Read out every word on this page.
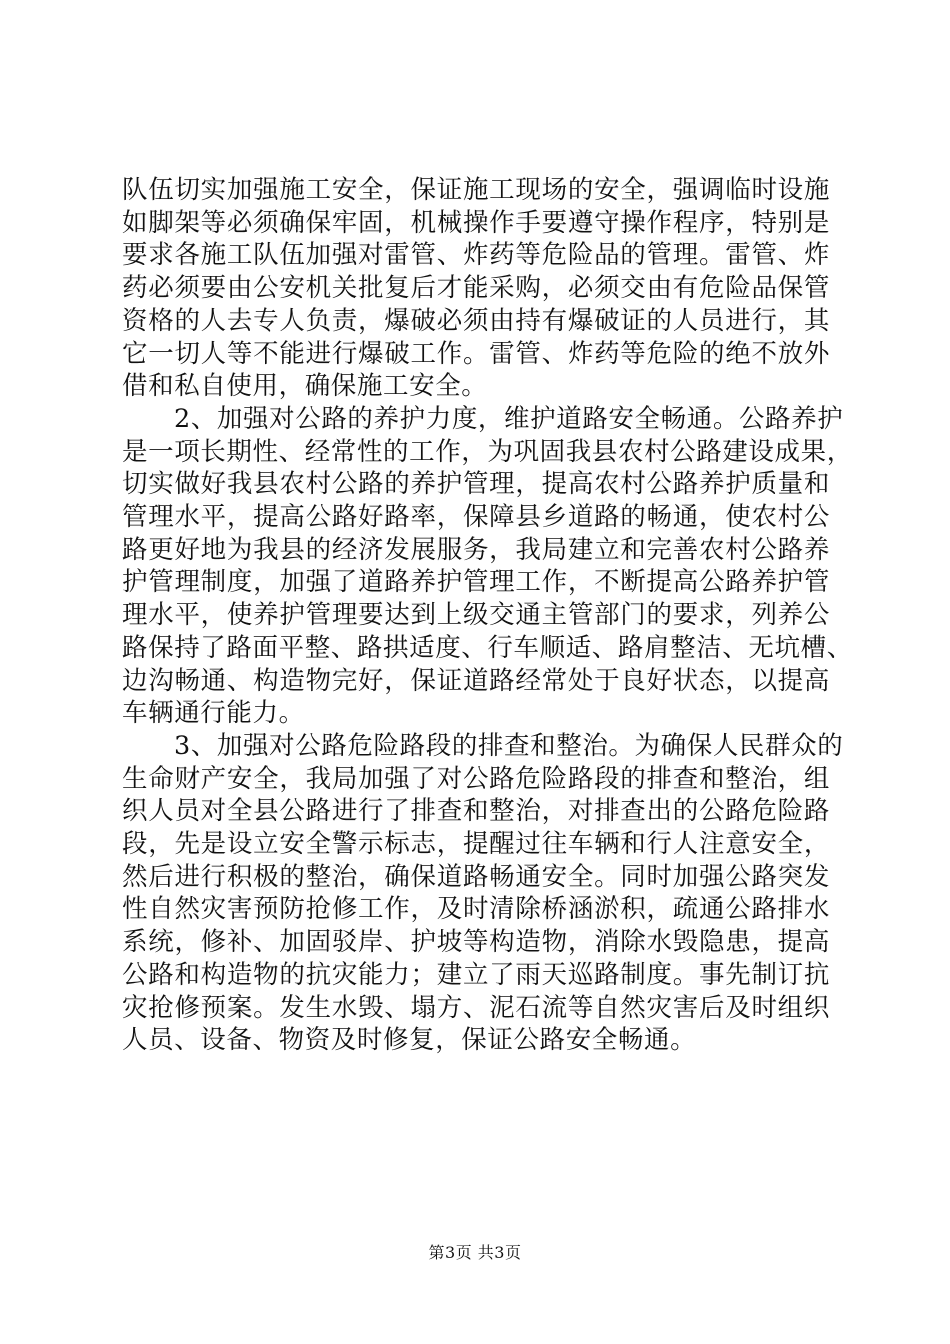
队伍切实加强施工安全，保证施工现场的安全，强调临时设施
如脚架等必须确保牢固，机械操作手要遵守操作程序，特别是
要求各施工队伍加强对雷管、炸药等危险品的管理。雷管、炸
药必须要由公安机关批复后才能采购，必须交由有危险品保管
资格的人去专人负责，爆破必须由持有爆破证的人员进行，其
它一切人等不能进行爆破工作。雷管、炸药等危险的绝不放外
借和私自使用，确保施工安全。
2、加强对公路的养护力度，维护道路安全畅通。公路养护
是一项长期性、经常性的工作，为巩固我县农村公路建设成果，
切实做好我县农村公路的养护管理，提高农村公路养护质量和
管理水平，提高公路好路率，保障县乡道路的畅通，使农村公
路更好地为我县的经济发展服务，我局建立和完善农村公路养
护管理制度，加强了道路养护管理工作，不断提高公路养护管
理水平，使养护管理要达到上级交通主管部门的要求，列养公
路保持了路面平整、路拱适度、行车顺适、路肩整洁、无坑槽、
边沟畅通、构造物完好，保证道路经常处于良好状态，以提高
车辆通行能力。
3、加强对公路危险路段的排查和整治。为确保人民群众的
生命财产安全，我局加强了对公路危险路段的排查和整治，组
织人员对全县公路进行了排查和整治，对排查出的公路危险路
段，先是设立安全警示标志，提醒过往车辆和行人注意安全，
然后进行积极的整治，确保道路畅通安全。同时加强公路突发
性自然灾害预防抢修工作，及时清除桥涵淤积，疏通公路排水
系统，修补、加固驳岸、护坡等构造物，消除水毁隐患，提高
公路和构造物的抗灾能力；建立了雨天巡路制度。事先制订抗
灾抢修预案。发生水毁、塌方、泥石流等自然灾害后及时组织
人员、设备、物资及时修复，保证公路安全畅通。
第3页 共3页
